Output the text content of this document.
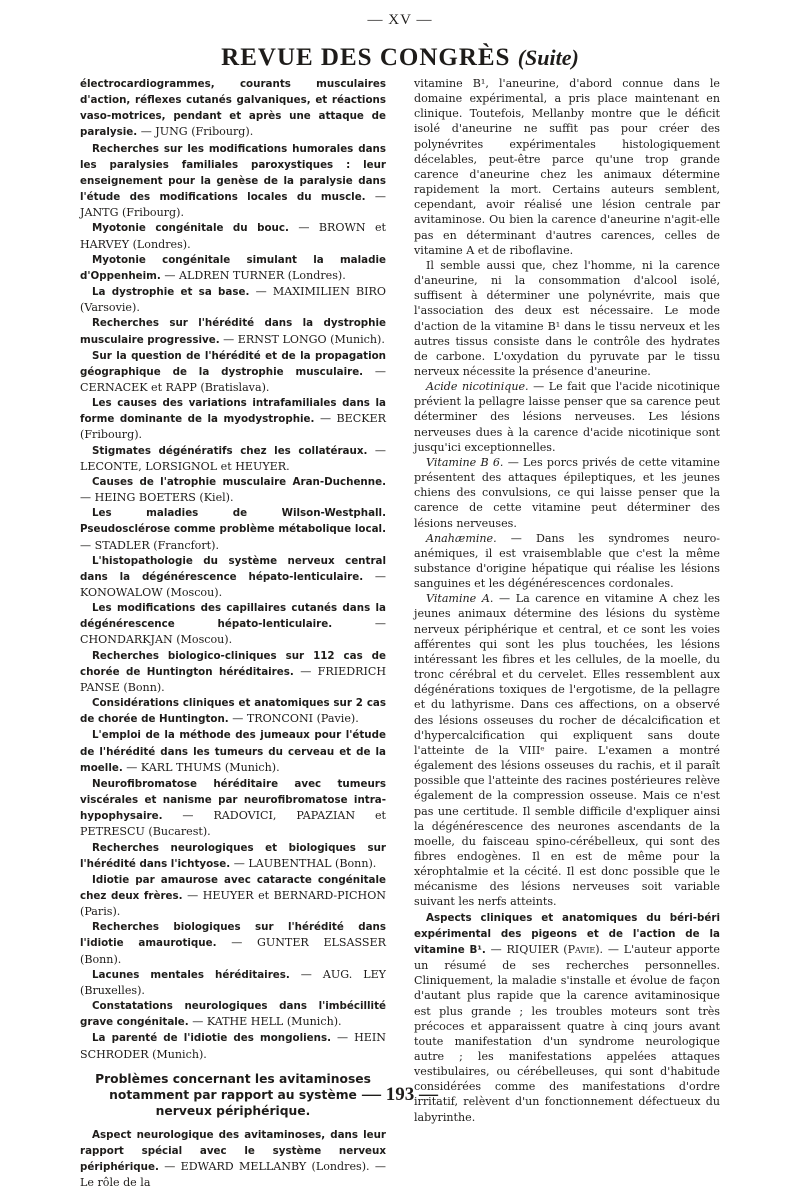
— XV —
REVUE DES CONGRÈS (Suite)

électrocardiogrammes, courants musculaires d'action, réflexes cutanés galvaniques, et réactions vaso-motrices, pendant et après une attaque de paralysie. — JUNG (Fribourg).

Recherches sur les modifications humorales dans les paralysies familiales paroxystiques : leur enseignement pour la genèse de la paralysie dans l'étude des modifications locales du muscle. — JANTG (Fribourg).

Myotonie congénitale du bouc. — BROWN et HARVEY (Londres).

Myotonie congénitale simulant la maladie d'Oppenheim. — ALDREN TURNER (Londres).

La dystrophie et sa base. — MAXIMILIEN BIRO (Varsovie).

Recherches sur l'hérédité dans la dystrophie musculaire progressive. — ERNST LONGO (Munich).

Sur la question de l'hérédité et de la propagation géographique de la dystrophie musculaire. — CERNACEK et RAPP (Bratislava).

Les causes des variations intrafamiliales dans la forme dominante de la myodystrophie. — BECKER (Fribourg).

Stigmates dégénératifs chez les collatéraux. — LECONTE, LORSIGNOL et HEUYER.

Causes de l'atrophie musculaire Aran-Duchenne. — HEING BOETERS (Kiel).

Les maladies de Wilson-Westphall. Pseudosclérose comme problème métabolique local. — STADLER (Francfort).

L'histopathologie du système nerveux central dans la dégénérescence hépato-lenticulaire. — KONOWALOW (Moscou).

Les modifications des capillaires cutanés dans la dégénérescence hépato-lenticulaire.	— CHONDARKJAN (Moscou).

Recherches biologico-cliniques sur 112 cas de chorée de Huntington héréditaires. — FRIEDRICH PANSE (Bonn).

Considérations cliniques et anatomiques sur 2 cas de chorée de Huntington. — TRONCONI (Pavie).

L'emploi de la méthode des jumeaux pour l'étude de l'hérédité dans les tumeurs du cerveau et de la moelle. — KARL THUMS (Munich).

Neurofibromatose héréditaire avec tumeurs viscérales et nanisme par neurofibromatose intra-hypophysaire. — RADOVICI, PAPAZIAN et PETRESCU (Bucarest).

Recherches neurologiques et biologiques sur l'hérédité dans l'ichtyose. — LAUBENTHAL (Bonn).

Idiotie par amaurose avec cataracte congénitale chez deux frères. — HEUYER et BERNARD-PICHON (Paris).

Recherches biologiques sur l'hérédité dans l'idiotie amaurotique. — GUNTER ELSASSER (Bonn).

Lacunes mentales héréditaires. — AUG. LEY (Bruxelles).

Constatations neurologiques dans l'imbécillité grave congénitale. — KATHE HELL (Munich).

La parenté de l'idiotie des mongoliens. — HEIN SCHRODER (Munich).

Problèmes concernant les avitaminoses notamment par rapport au système nerveux périphérique.

Aspect neurologique des avitaminoses, dans leur rapport spécial avec le système nerveux périphérique. — EDWARD MELLANBY (Londres). — Le rôle de la

vitamine B¹, l'aneurine, d'abord connue dans le domaine expérimental, a pris place maintenant en clinique. Toutefois, Mellanby montre que le déficit isolé d'aneurine ne suffit pas pour créer des polynévrites expérimentales histologiquement décelables, peut-être parce qu'une trop grande carence d'aneurine chez les animaux détermine rapidement la mort. Certains auteurs semblent, cependant, avoir réalisé une lésion centrale par avitaminose. Ou bien la carence d'aneurine n'agit-elle pas en déterminant d'autres carences, celles de vitamine A et de riboflavine.

Il semble aussi que, chez l'homme, ni la carence d'aneurine, ni la consommation d'alcool isolé, suffisent à déterminer une polynévrite, mais que l'association des deux est nécessaire. Le mode d'action de la vitamine B¹ dans le tissu nerveux et les autres tissus consiste dans le contrôle des hydrates de carbone. L'oxydation du pyruvate par le tissu nerveux nécessite la présence d'aneurine.

Acide nicotinique. — Le fait que l'acide nicotinique prévient la pellagre laisse penser que sa carence peut déterminer des lésions nerveuses. Les lésions nerveuses dues à la carence d'acide nicotinique sont jusqu'ici exceptionnelles.

Vitamine B 6. — Les porcs privés de cette vitamine présentent des attaques épileptiques, et les jeunes chiens des convulsions, ce qui laisse penser que la carence de cette vitamine peut déterminer des lésions nerveuses.

Anahæmine. — Dans les syndromes neuro-anémiques, il est vraisemblable que c'est la même substance d'origine hépatique qui réalise les lésions sanguines et les dégénérescences cordonales.

Vitamine A. — La carence en vitamine A chez les jeunes animaux détermine des lésions du système nerveux périphérique et central, et ce sont les voies afférentes qui sont les plus touchées, les lésions intéressant les fibres et les cellules, de la moelle, du tronc cérébral et du cervelet. Elles ressemblent aux dégénérations toxiques de l'ergotisme, de la pellagre et du lathyrisme. Dans ces affections, on a observé des lésions osseuses du rocher de décalcification et d'hypercalcification qui expliquent sans doute l'atteinte de la VIIIᵉ paire. L'examen a montré également des lésions osseuses du rachis, et il paraît possible que l'atteinte des racines postérieures relève également de la compression osseuse. Mais ce n'est pas une certitude. Il semble difficile d'expliquer ainsi la dégénérescence des neurones ascendants de la moelle, du faisceau spino-cérébelleux, qui sont des fibres endogènes. Il en est de même pour la xérophtalmie et la cécité. Il est donc possible que le mécanisme des lésions nerveuses soit variable suivant les nerfs atteints.

Aspects cliniques et anatomiques du béri-béri expérimental des pigeons et de l'action de la vitamine B¹. — RIQUIER (Pavie). — L'auteur apporte un résumé de ses recherches personnelles. Cliniquement, la maladie s'installe et évolue de façon d'autant plus rapide que la carence avitaminosique est plus grande ; les troubles moteurs sont très précoces et apparaissent quatre à cinq jours avant toute manifestation d'un syndrome neurologique autre ; les manifestations appelées attaques vestibulaires, ou cérébelleuses, qui sont d'habitude considérées comme des manifestations d'ordre irritatif, relèvent d'un fonctionnement défectueux du labyrinthe.

— 193 —
